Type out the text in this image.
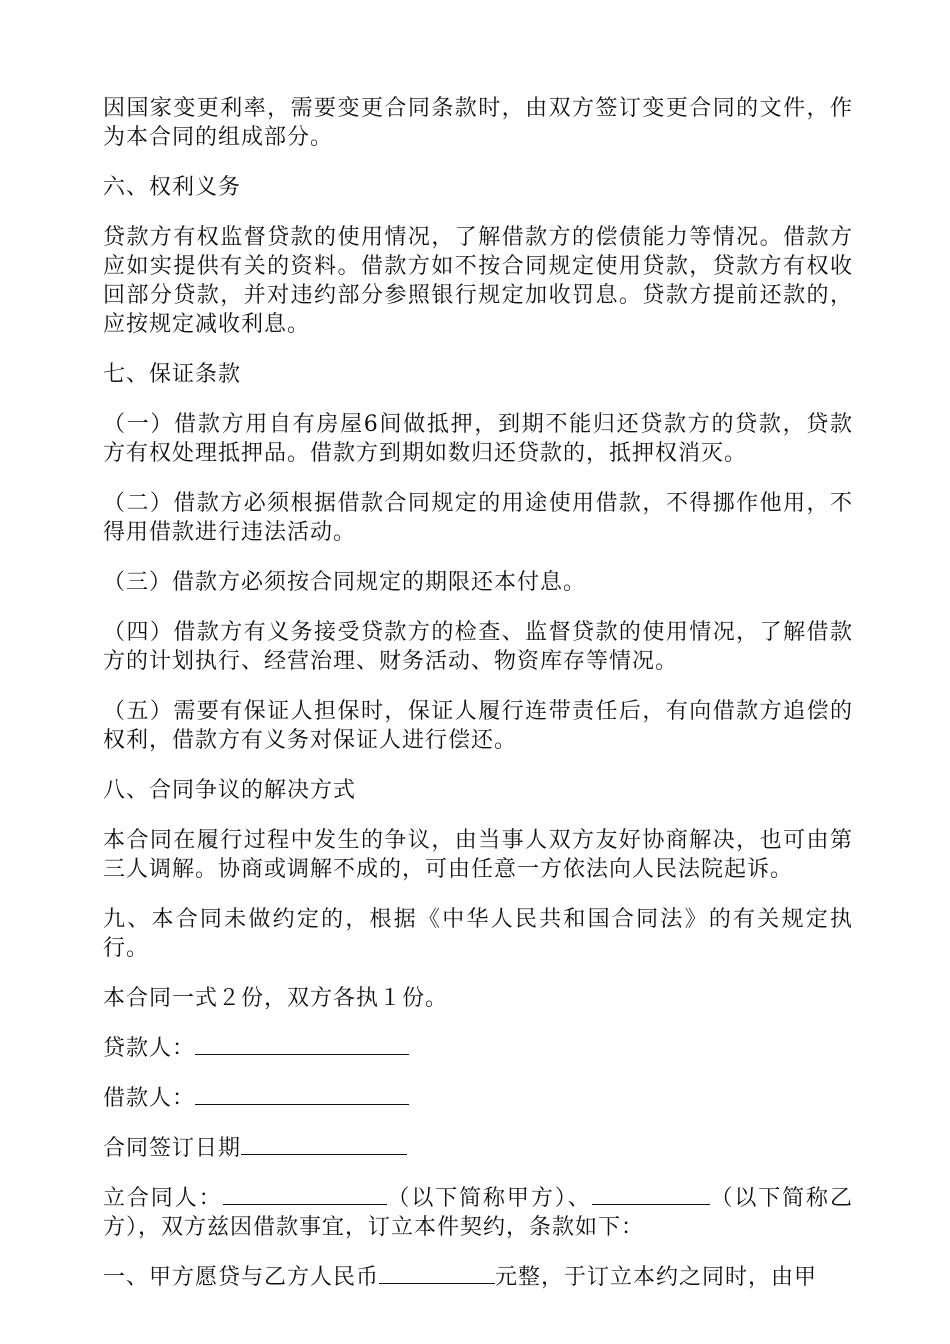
因国家变更利率，需要变更合同条款时，由双方签订变更合同的文件，作为本合同的组成部分。

六、权利义务

贷款方有权监督贷款的使用情况，了解借款方的偿债能力等情况。借款方应如实提供有关的资料。借款方如不按合同规定使用贷款，贷款方有权收回部分贷款，并对违约部分参照银行规定加收罚息。贷款方提前还款的，应按规定减收利息。

七、保证条款

（一）借款方用自有房屋6间做抵押，到期不能归还贷款方的贷款，贷款方有权处理抵押品。借款方到期如数归还贷款的，抵押权消灭。

（二）借款方必须根据借款合同规定的用途使用借款，不得挪作他用，不得用借款进行违法活动。

（三）借款方必须按合同规定的期限还本付息。

（四）借款方有义务接受贷款方的检查、监督贷款的使用情况，了解借款方的计划执行、经营治理、财务活动、物资库存等情况。

（五）需要有保证人担保时，保证人履行连带责任后，有向借款方追偿的权利，借款方有义务对保证人进行偿还。

八、合同争议的解决方式

本合同在履行过程中发生的争议，由当事人双方友好协商解决，也可由第三人调解。协商或调解不成的，可由任意一方依法向人民法院起诉。

九、本合同未做约定的，根据《中华人民共和国合同法》的有关规定执行。

本合同一式２份，双方各执１份。

贷款人：

借款人：

合同签订日期

立合同人：	（以下简称甲方）、	（以下简称乙方），双方兹因借款事宜，订立本件契约，条款如下：

一、甲方愿贷与乙方人民币	元整，于订立本约之同时，由甲
